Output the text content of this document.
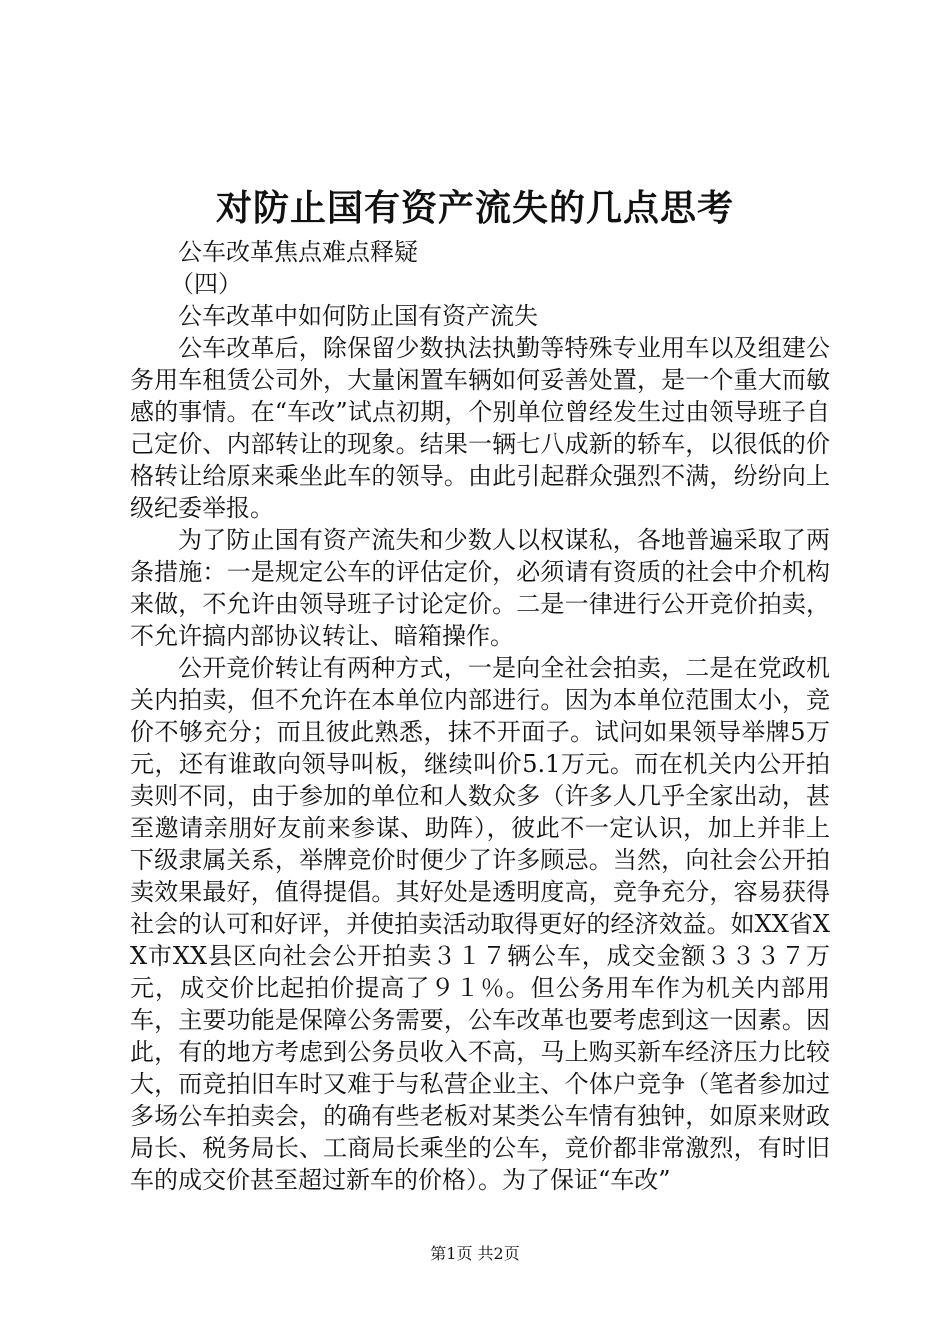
对防止国有资产流失的几点思考

公车改革焦点难点释疑

（四）

公车改革中如何防止国有资产流失

公车改革后，除保留少数执法执勤等特殊专业用车以及组建公务用车租赁公司外，大量闲置车辆如何妥善处置，是一个重大而敏感的事情。在“车改”试点初期，个别单位曾经发生过由领导班子自己定价、内部转让的现象。结果一辆七八成新的轿车，以很低的价格转让给原来乘坐此车的领导。由此引起群众强烈不满，纷纷向上级纪委举报。

为了防止国有资产流失和少数人以权谋私，各地普遍采取了两条措施：一是规定公车的评估定价，必须请有资质的社会中介机构来做，不允许由领导班子讨论定价。二是一律进行公开竞价拍卖，不允许搞内部协议转让、暗箱操作。

公开竞价转让有两种方式，一是向全社会拍卖，二是在党政机关内拍卖，但不允许在本单位内部进行。因为本单位范围太小，竞价不够充分；而且彼此熟悉，抹不开面子。试问如果领导举牌5万元，还有谁敢向领导叫板，继续叫价5.1万元。而在机关内公开拍卖则不同，由于参加的单位和人数众多（许多人几乎全家出动，甚至邀请亲朋好友前来参谋、助阵），彼此不一定认识，加上并非上下级隶属关系，举牌竞价时便少了许多顾忌。当然，向社会公开拍卖效果最好，值得提倡。其好处是透明度高，竞争充分，容易获得社会的认可和好评，并使拍卖活动取得更好的经济效益。如XX省XX市XX县区向社会公开拍卖３１７辆公车，成交金额３３３７万元，成交价比起拍价提高了９１％。但公务用车作为机关内部用车，主要功能是保障公务需要，公车改革也要考虑到这一因素。因此，有的地方考虑到公务员收入不高，马上购买新车经济压力比较大，而竞拍旧车时又难于与私营企业主、个体户竞争（笔者参加过多场公车拍卖会，的确有些老板对某类公车情有独钟，如原来财政局长、税务局长、工商局长乘坐的公车，竞价都非常激烈，有时旧车的成交价甚至超过新车的价格）。为了保证“车改”

第1页 共2页
